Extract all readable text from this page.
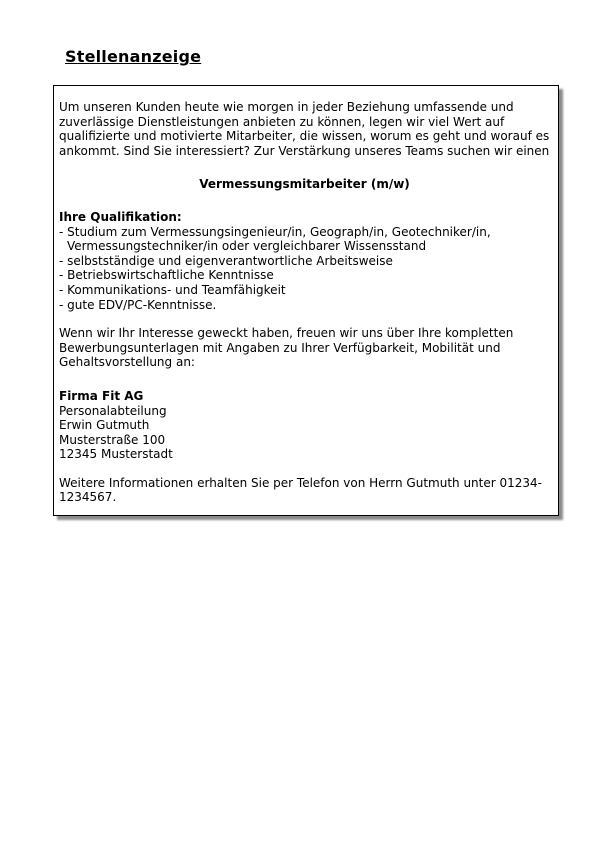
Stellenanzeige

Um unseren Kunden heute wie morgen in jeder Beziehung umfassende und zuverlässige Dienstleistungen anbieten zu können, legen wir viel Wert auf qualifizierte und motivierte Mitarbeiter, die wissen, worum es geht und worauf es ankommt. Sind Sie interessiert? Zur Verstärkung unseres Teams suchen wir einen

Vermessungsmitarbeiter (m/w)

Ihre Qualifikation:

- Studium zum Vermessungsingenieur/in, Geograph/in, Geotechniker/in, Vermessungstechniker/in oder vergleichbarer Wissensstand
- selbstständige und eigenverantwortliche Arbeitsweise
- Betriebswirtschaftliche Kenntnisse
- Kommunikations- und Teamfähigkeit
- gute EDV/PC-Kenntnisse.

Wenn wir Ihr Interesse geweckt haben, freuen wir uns über Ihre kompletten Bewerbungsunterlagen mit Angaben zu Ihrer Verfügbarkeit, Mobilität und Gehaltsvorstellung an:

Firma Fit AG
Personalabteilung
Erwin Gutmuth
Musterstraße 100
12345 Musterstadt

Weitere Informationen erhalten Sie per Telefon von Herrn Gutmuth unter 01234-1234567.
